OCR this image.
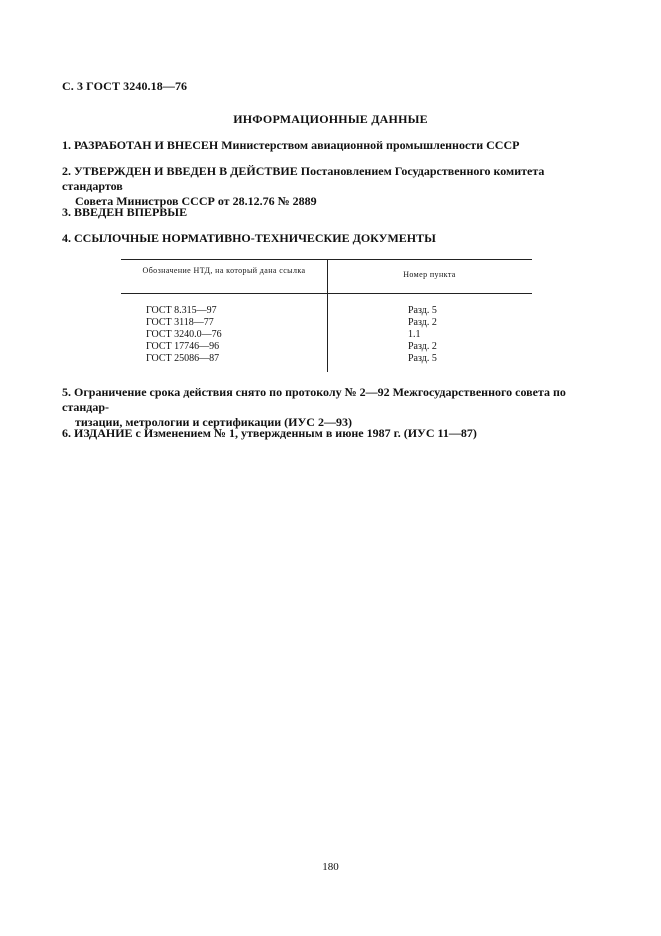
С. 3 ГОСТ 3240.18—76
ИНФОРМАЦИОННЫЕ ДАННЫЕ
1. РАЗРАБОТАН И ВНЕСЕН Министерством авиационной промышленности СССР
2. УТВЕРЖДЕН И ВВЕДЕН В ДЕЙСТВИЕ Постановлением Государственного комитета стандартов
Совета Министров СССР от 28.12.76 № 2889
3. ВВЕДЕН ВПЕРВЫЕ
4. ССЫЛОЧНЫЕ НОРМАТИВНО-ТЕХНИЧЕСКИЕ ДОКУМЕНТЫ
Обозначение НТД, на который дана ссылка	Номер пункта
ГОСТ 8.315—97
ГОСТ 3118—77
ГОСТ 3240.0—76
ГОСТ 17746—96
ГОСТ 25086—87
Разд. 5
Разд. 2
1.1
Разд. 2
Разд. 5
5. Ограничение срока действия снято по протоколу № 2—92 Межгосударственного совета по стандар-
тизации, метрологии и сертификации (ИУС 2—93)
6. ИЗДАНИЕ с Изменением № 1, утвержденным в июне 1987 г. (ИУС 11—87)
180
